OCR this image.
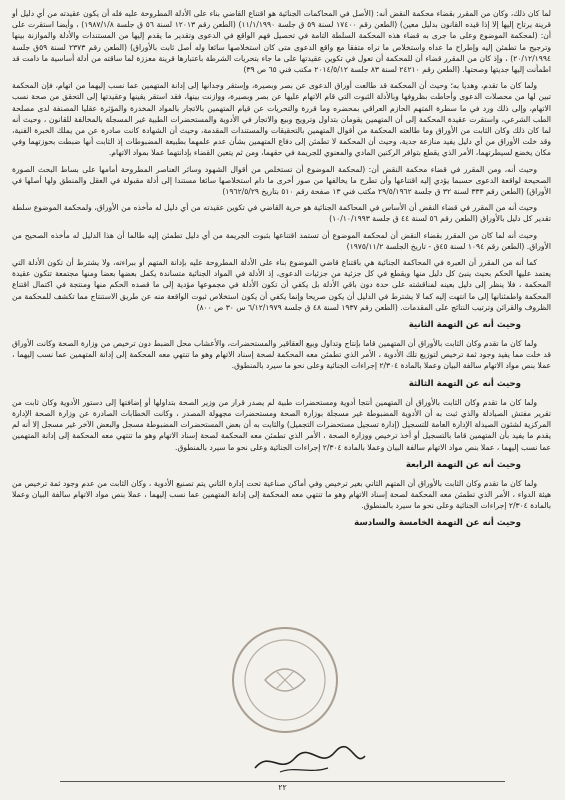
لما كان ذلك، وكان من المقرر بقضاء محكمة النقض أنه: (الأصل في المحاكمات الجنائية هو اقتناع القاضي بناء على الأدلة المطروحة عليه فله أن يكون عقيدته من أي دليل أو قرينة يرتاح إليها إلا إذا قيده القانون بدليل معين) (الطعن رقم ١٧٤٠٠ لسنة ٥٩ ق جلسة ١١/١/١٩٩٠) (الطعن رقم ١٢٠١٣ لسنة ٥٦ ق جلسة ١٩٨٧/١/٨) ، وأيضا استقرت على أن: (لمحكمة الموضوع وعلى ما جرى به قضاء هذه المحكمة السلطة التامة في تحصيل فهم الواقع في الدعوى وتقدير ما يقدم إليها من المستندات والأدلة والموازنة بينها وترجيح ما تطمئن إليه وإطراح ما عداه واستخلاص ما تراه متفقا مع واقع الدعوى متى كان استخلاصها سائغا وله أصل ثابت بالأوراق) (الطعن رقم ٢٣٧٣ لسنة ٥٩ق جلسة ٢٠/١٢/١٩٩٤) ، وإذ كان من المقرر قضاء أن للمحكمة أن تعول في تكوين عقيدتها على ما جاء بتحريات الشرطة باعتبارها قرينة معززة لما ساقته من أدلة أساسية ما دامت قد اطمأنت إليها جديتها وصحتها. (الطعن رقم ٢٤٢١٠ لسنة ٨٣ جلسة ٢٠١٤/٥/١٢ مكتب فني ٦٥ ص ٣٩)

ولما كان ما تقدم، وهديا به؛ وحيث أن المحكمة قد طالعت أوراق الدعوى عن بصر وبصيرة، وإستقر وجدانها إلى إدانة المتهمين عما نسب إليهما من اتهام، فإن المحكمة تبين لها من محصلات الدعوى وأحاطت بظروفها وبالأدلة الثبوت التي قام الاتهام عليها عن بصر وبصيرة، ووازنت بينها، فقد استقر يقينها وعقيدتها إلى التحقق من صحة نسب الاتهام، وإلى ذلك ورد في ما سطرة المتهم الحازم العراقي بمحضره وما قررة والتحريات عن قيام المتهمين بالاتجار بالمواد المخدرة والمؤثرة عقليا المصنفة لدى مصلحة الطب الشرعي، واستقرت عقيدة المحكمة إلى أن المتهمين يقومان بتداول وترويج وبيع والاتجار في الأدوية والمستحضرات الطبية غير المسجلة بالمخالفة للقانون ، وحيث أنه لما كان ذلك وكان الثابت من الأوراق وما طالعته المحكمة من أقوال المتهمين بالتحقيقات والمستندات المقدمة، وحيث أن الشهادة كانت صادرة عن من يملك الخبرة الفنية، وقد خلت الأوراق من أي دليل يفيد منازعة جدية، وحيث أن المحكمة لا تطمئن إلى دفاع المتهمين بشأن عدم علمهما بطبيعة المضبوطات إذ الثابت أنها ضبطت بحوزتهما وفي مكان يخضع لسيطرتهما، الأمر الذي يقطع بتوافر الركنين المادي والمعنوي للجريمة في حقهما، ومن ثم يتعين القضاء بإدانتهما عملا بمواد الاتهام.

وحيث أنه، ومن المقرر في قضاء محكمة النقض أن: (لمحكمة الموضوع أن تستخلص من أقوال الشهود وسائر العناصر المطروحة أمامها على بساط البحث الصورة الصحيحة لواقعة الدعوى حسبما يؤدي إليه اقتناعها وأن تطرح ما يخالفها من صور أخرى ما دام استخلاصها سائغا مستندا إلى أدلة مقبولة في العقل والمنطق ولها أصلها في الأوراق) (الطعن رقم ٣٣٣ لسنة ٣٢ ق جلسة ٢٩/٥/١٩٦٢ مكتب فني ١٣ صفحة رقم ٥١٠ بتاريخ ١٩٦٢/٥/٢٩)

وحيث أنه من المقرر في قضاء النقض أن الأساس في المحاكمة الجنائية هو حرية القاضي في تكوين عقيدته من أي دليل له مأخذه من الأوراق، ولمحكمة الموضوع سلطة تقدير كل دليل بالأوراق (الطعن رقم ٥٦ لسنة ٤٤ ق جلسة ١٠/١٠/١٩٩٣)

وحيث أنه لما كان من المقرر بقضاء النقض أن لمحكمة الموضوع أن تستمد اقتناعها بثبوت الجريمة من أي دليل تطمئن إليه طالما أن هذا الدليل له مأخذه الصحيح من الأوراق. (الطعن رقم ١٠٩٤ لسنة ٤٥ق - تاريخ الجلسة ١٩٧٥/١١/٢)

كما أنه من المقرر أن العبرة في المحاكمة الجنائية هي باقتناع قاضي الموضوع بناء على الأدلة المطروحة عليه بإدانة المتهم أو ببراءته، ولا يشترط أن تكون الأدلة التي يعتمد عليها الحكم بحيث ينبئ كل دليل منها ويقطع في كل جزئية من جزئيات الدعوى، إذ الأدلة في المواد الجنائية متساندة يكمل بعضها بعضا ومنها مجتمعة تتكون عقيدة المحكمة ، فلا ينظر إلى دليل بعينه لمناقشته على حدة دون باقي الأدلة بل يكفي أن تكون الأدلة في مجموعها مؤدية إلى ما قصده الحكم منها ومنتجة في اكتمال اقتناع المحكمة واطمئنانها إلى ما انتهت إليه كما لا يشترط في الدليل أن يكون صريحا وإنما يكفي أن يكون استخلاص ثبوت الواقعة منه عن طريق الاستنتاج مما تكشف للمحكمة من الظروف والقرائن وترتيب النتائج على المقدمات. (الطعن رقم ١٩٣٧ لسنة ٤٨ ق جلسة ٦/١٢/١٩٧٩ س ٣٠ ص ٨٠٠)

وحيث أنه عن التهمة الثانية

ولما كان ما تقدم وكان الثابت بالأوراق أن المتهمين قاما بإنتاج وتداول وبيع العقاقير والمستحضرات، والأعشاب محل الضبط دون ترخيص من وزارة الصحة وكانت الأوراق قد خلت مما يفيد وجود ثمة ترخيص لتوزيع تلك الأدوية ، الأمر الذي تطمئن معه المحكمة لصحة إسناد الاتهام وهو ما تنتهي معه المحكمة إلى إدانة المتهمين عما نسب إليهما ، عملا بنص مواد الاتهام سالفة البيان وعملا بالمادة ٢/٣٠٤ إجراءات الجنائية وعلى نحو ما سيرد بالمنطوق.

وحيث أنه عن التهمة الثالثة

ولما كان ما تقدم وكان الثابت بالأوراق أن المتهمين أنتجا أدوية ومستحضرات طبية لم يصدر قرار من وزير الصحة بتداولها أو إضافتها إلى دستور الأدوية وكان ثابت من تقرير مفتش الصيادلة والذي ثبت به أن الأدوية المضبوطة غير مسجلة بوزارة الصحة ومستحضرات مجهولة المصدر ، وكانت الخطابات الصادرة عن وزارة الصحة الإدارة المركزية لشئون الصيدلة الإدارة العامة للتسجيل (إدارة تسجيل مستحضرات التجميل) والثابت به أن بعض المستحضرات المضبوطة مسجل والبعض الآخر غير مسجل إلا أنه لم يقدم ما يفيد بأن المتهمين قاما بالتسجيل أو أخذ ترخيص ووزارة الصحة ، الأمر الذي تطمئن معه المحكمة لصحة إسناد الاتهام وهو ما تنتهي معه المحكمة إلى إدانة المتهمين عما نسب إليهما ، عملا بنص مواد الاتهام سالفة البيان وعملا بالمادة ٢/٣٠٤ إجراءات الجنائية وعلى نحو ما سيرد بالمنطوق.

وحيث أنه عن التهمة الرابعة

ولما كان ما تقدم وكان الثابت بالأوراق أن المتهم الثاني بغير ترخيص وفي أماكن صناعية تحت إدارة الثاني يتم تصنيع الأدوية ، وكان الثابت من عدم وجود ثمة ترخيص من هيئة الدواء ، الأمر الذي تطمئن معه المحكمة لصحة إسناد الاتهام وهو ما تنتهي معه المحكمة إلى إدانة المتهمين عما نسب إليهما ، عملا بنص مواد الاتهام سالفة البيان وعملا بالمادة ٢/٣٠٤ إجراءات الجنائية وعلى نحو ما سيرد بالمنطوق.

وحيث أنه عن التهمة الخامسة والسادسة
٢٢
